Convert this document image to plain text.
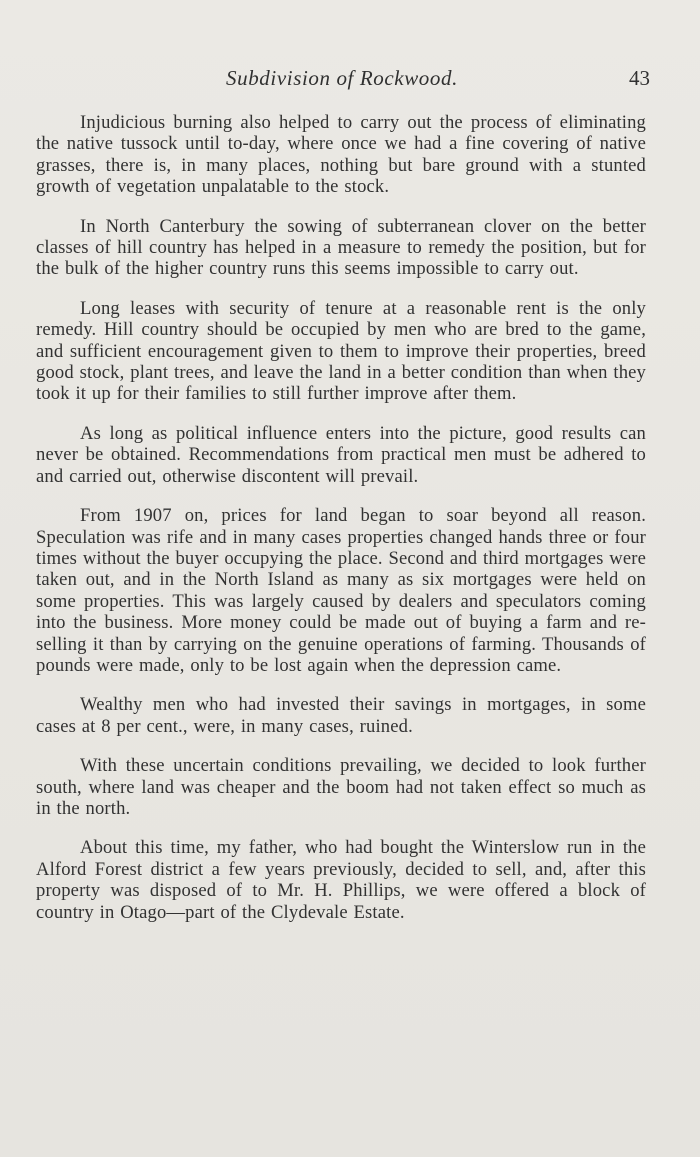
Subdivision of Rockwood.	43

Injudicious burning also helped to carry out the process of eliminating the native tussock until to-day, where once we had a fine covering of native grasses, there is, in many places, nothing but bare ground with a stunted growth of vegetation unpalatable to the stock.

In North Canterbury the sowing of subterranean clover on the better classes of hill country has helped in a measure to remedy the position, but for the bulk of the higher country runs this seems impossible to carry out.

Long leases with security of tenure at a reasonable rent is the only remedy. Hill country should be occupied by men who are bred to the game, and sufficient encouragement given to them to improve their properties, breed good stock, plant trees, and leave the land in a better condition than when they took it up for their families to still further improve after them.

As long as political influence enters into the picture, good results can never be obtained. Recommendations from practical men must be adhered to and carried out, otherwise discontent will prevail.

From 1907 on, prices for land began to soar beyond all reason. Speculation was rife and in many cases properties changed hands three or four times without the buyer occupying the place. Second and third mortgages were taken out, and in the North Island as many as six mortgages were held on some properties. This was largely caused by dealers and speculators coming into the business. More money could be made out of buying a farm and re-selling it than by carrying on the genuine operations of farming. Thousands of pounds were made, only to be lost again when the depression came.

Wealthy men who had invested their savings in mortgages, in some cases at 8 per cent., were, in many cases, ruined.

With these uncertain conditions prevailing, we decided to look further south, where land was cheaper and the boom had not taken effect so much as in the north.

About this time, my father, who had bought the Winterslow run in the Alford Forest district a few years previously, decided to sell, and, after this property was disposed of to Mr. H. Phillips, we were offered a block of country in Otago—part of the Clydevale Estate.
